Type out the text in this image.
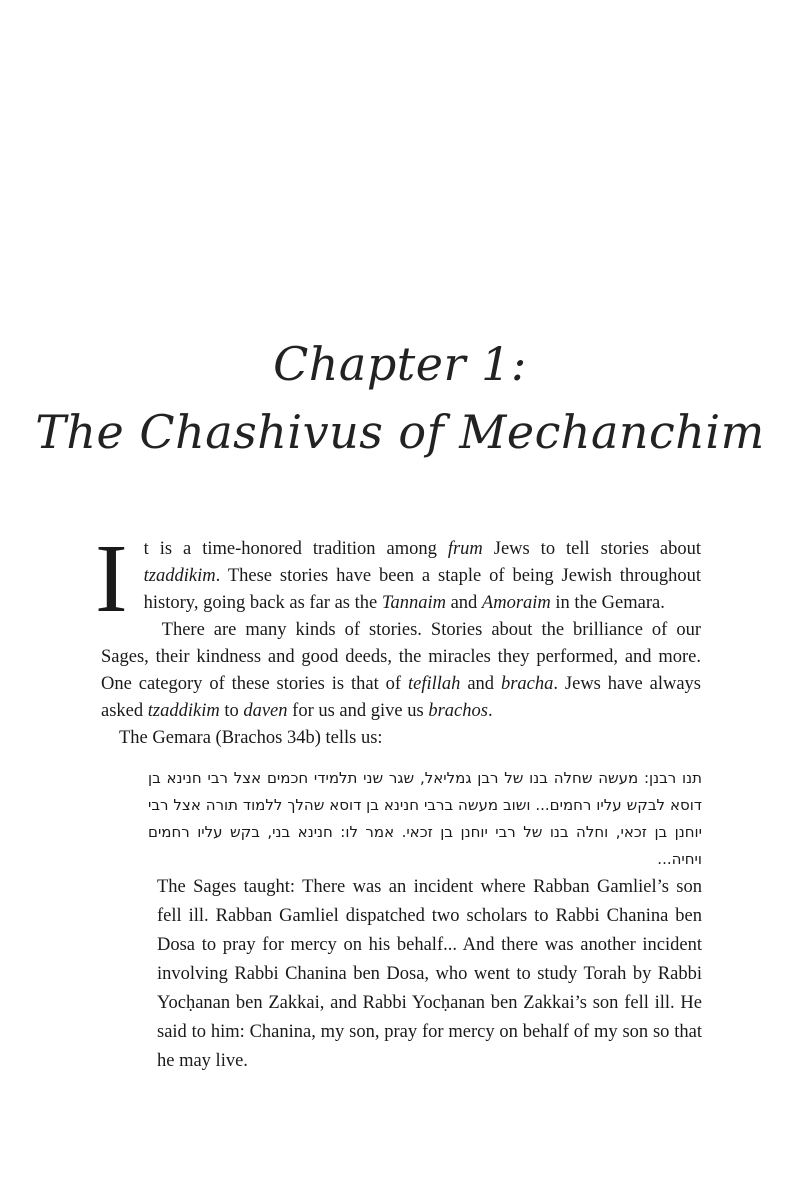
Chapter 1:
The Chashivus of Mechanchim

It is a time-honored tradition among frum Jews to tell stories about tzaddikim. These stories have been a staple of being Jewish throughout history, going back as far as the Tannaim and Amoraim in the Gemara.

There are many kinds of stories. Stories about the brilliance of our Sages, their kindness and good deeds, the miracles they performed, and more. One category of these stories is that of tefillah and bracha. Jews have always asked tzaddikim to daven for us and give us brachos.

The Gemara (Brachos 34b) tells us:

תנו רבנן: מעשה שחלה בנו של רבן גמליאל, שגר שני תלמידי חכמים אצל רבי חנינא בן דוסא לבקש עליו רחמים... ושוב מעשה ברבי חנינא בן דוסא שהלך ללמוד תורה אצל רבי יוחנן בן זכאי, וחלה בנו של רבי יוחנן בן זכאי. אמר לו: חנינא בני, בקש עליו רחמים ויחיה...

The Sages taught: There was an incident where Rabban Gamliel’s son fell ill. Rabban Gamliel dispatched two scholars to Rabbi Chanina ben Dosa to pray for mercy on his behalf... And there was another incident involving Rabbi Chanina ben Dosa, who went to study Torah by Rabbi Yocḥanan ben Zakkai, and Rabbi Yocḥanan ben Zakkai’s son fell ill. He said to him: Chanina, my son, pray for mercy on behalf of my son so that he may live.
